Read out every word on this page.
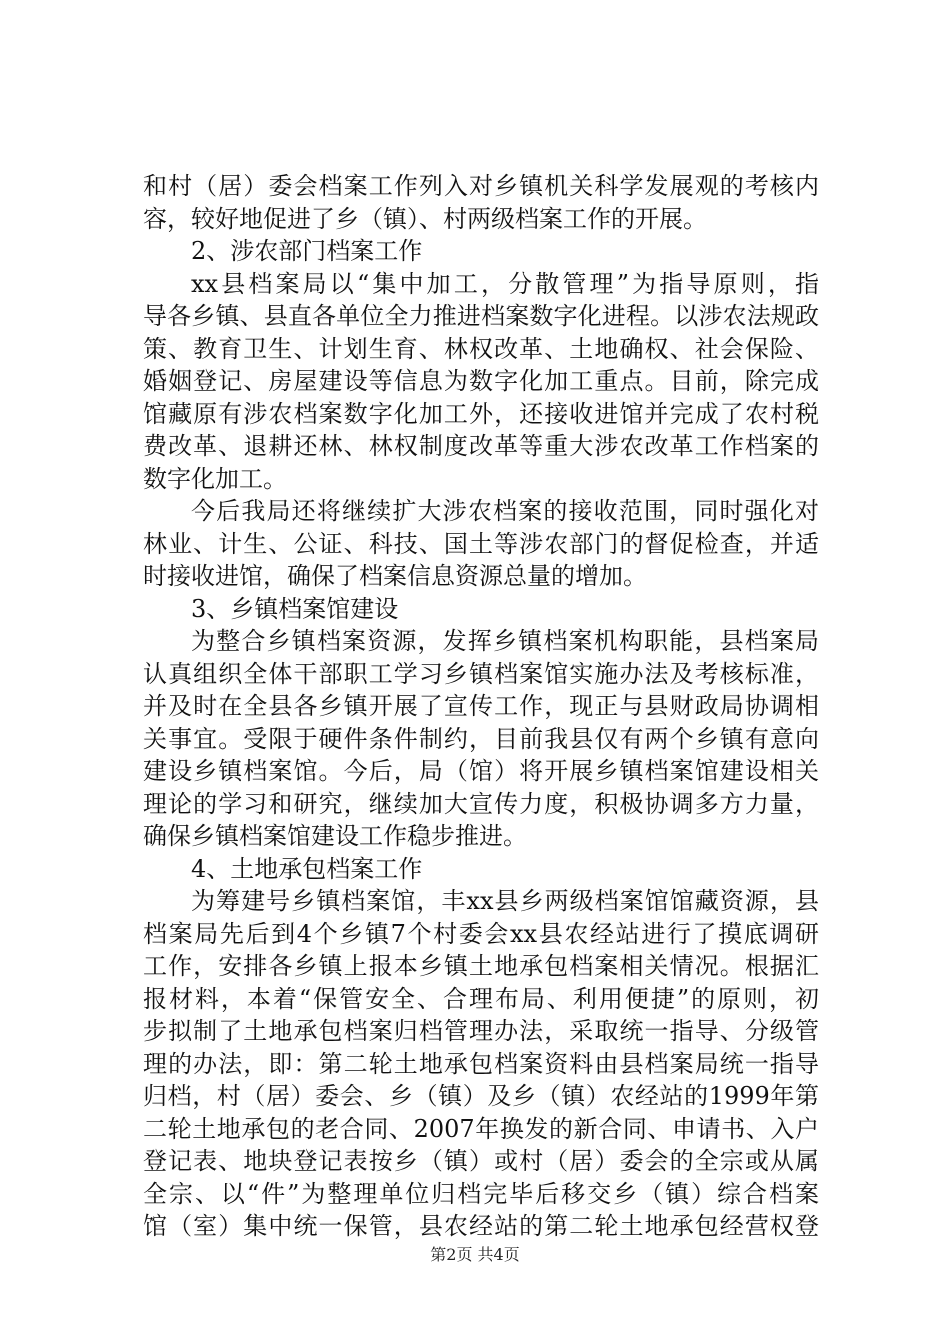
和村（居）委会档案工作列入对乡镇机关科学发展观的考核内
容，较好地促进了乡（镇）、村两级档案工作的开展。
2、涉农部门档案工作
xx县档案局以“集中加工，分散管理”为指导原则，指
导各乡镇、县直各单位全力推进档案数字化进程。以涉农法规政
策、教育卫生、计划生育、林权改革、土地确权、社会保险、
婚姻登记、房屋建设等信息为数字化加工重点。目前，除完成
馆藏原有涉农档案数字化加工外，还接收进馆并完成了农村税
费改革、退耕还林、林权制度改革等重大涉农改革工作档案的
数字化加工。
今后我局还将继续扩大涉农档案的接收范围，同时强化对
林业、计生、公证、科技、国土等涉农部门的督促检查，并适
时接收进馆，确保了档案信息资源总量的增加。
3、乡镇档案馆建设
为整合乡镇档案资源，发挥乡镇档案机构职能，县档案局
认真组织全体干部职工学习乡镇档案馆实施办法及考核标准，
并及时在全县各乡镇开展了宣传工作，现正与县财政局协调相
关事宜。受限于硬件条件制约，目前我县仅有两个乡镇有意向
建设乡镇档案馆。今后，局（馆）将开展乡镇档案馆建设相关
理论的学习和研究，继续加大宣传力度，积极协调多方力量，
确保乡镇档案馆建设工作稳步推进。
4、土地承包档案工作
为筹建号乡镇档案馆，丰xx县乡两级档案馆馆藏资源，县
档案局先后到4个乡镇7个村委会xx县农经站进行了摸底调研
工作，安排各乡镇上报本乡镇土地承包档案相关情况。根据汇
报材料，本着“保管安全、合理布局、利用便捷”的原则，初
步拟制了土地承包档案归档管理办法，采取统一指导、分级管
理的办法，即：第二轮土地承包档案资料由县档案局统一指导
归档，村（居）委会、乡（镇）及乡（镇）农经站的1999年第
二轮土地承包的老合同、2007年换发的新合同、申请书、入户
登记表、地块登记表按乡（镇）或村（居）委会的全宗或从属
全宗、以“件”为整理单位归档完毕后移交乡（镇）综合档案
馆（室）集中统一保管，县农经站的第二轮土地承包经营权登
第2页 共4页
